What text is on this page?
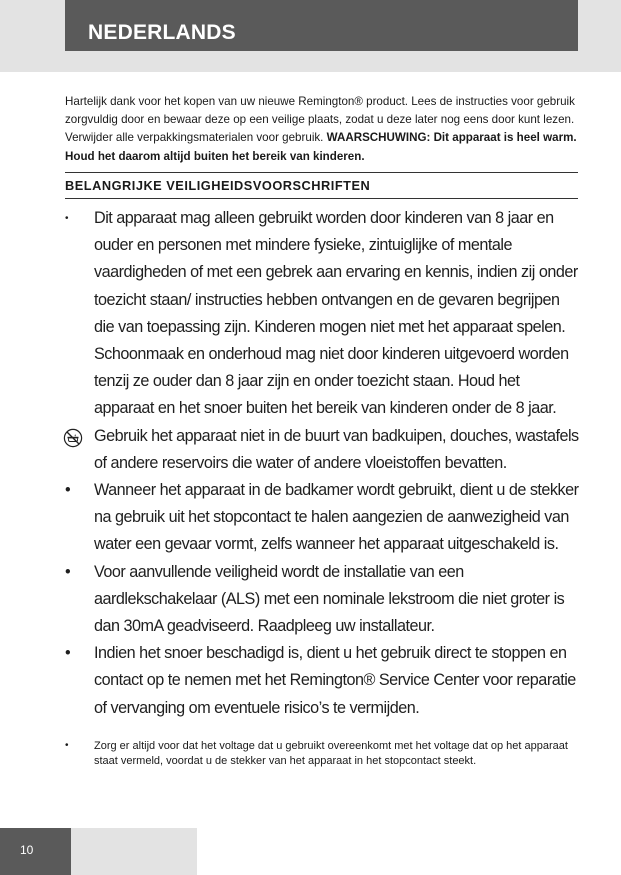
NEDERLANDS

Hartelijk dank voor het kopen van uw nieuwe Remington® product. Lees de instructies voor gebruik zorgvuldig door en bewaar deze op een veilige plaats, zodat u deze later nog eens door kunt lezen. Verwijder alle verpakkingsmaterialen voor gebruik. WAARSCHUWING: Dit apparaat is heel warm. Houd het daarom altijd buiten het bereik van kinderen.

BELANGRIJKE VEILIGHEIDSVOORSCHRIFTEN
•	Dit apparaat mag alleen gebruikt worden door kinderen van 8 jaar en ouder en personen met mindere fysieke, zintuiglijke of mentale vaardigheden of met een gebrek aan ervaring en kennis, indien zij onder toezicht staan/ instructies hebben ontvangen en de gevaren begrijpen die van toepassing zijn. Kinderen mogen niet met het apparaat spelen. Schoonmaak en onderhoud mag niet door kinderen uitgevoerd worden tenzij ze ouder dan 8 jaar zijn en onder toezicht staan. Houd het apparaat en het snoer buiten het bereik van kinderen onder de 8 jaar.
Gebruik het apparaat niet in de buurt van badkuipen, douches, wastafels of andere reservoirs die water of andere vloeistoffen bevatten.
• Wanneer het apparaat in de badkamer wordt gebruikt, dient u de stekker na gebruik uit het stopcontact te halen aangezien de aanwezigheid van water een gevaar vormt, zelfs wanneer het apparaat uitgeschakeld is.
• Voor aanvullende veiligheid wordt de installatie van een aardlekschakelaar (ALS) met een nominale lekstroom die niet groter is dan 30mA geadviseerd. Raadpleeg uw installateur.
• Indien het snoer beschadigd is, dient u het gebruik direct te stoppen en contact op te nemen met het Remington® Service Center voor reparatie of vervanging om eventuele risico’s te vermijden.
•	Zorg er altijd voor dat het voltage dat u gebruikt overeenkomt met het voltage dat op het apparaat staat vermeld, voordat u de stekker van het apparaat in het stopcontact steekt.
10
